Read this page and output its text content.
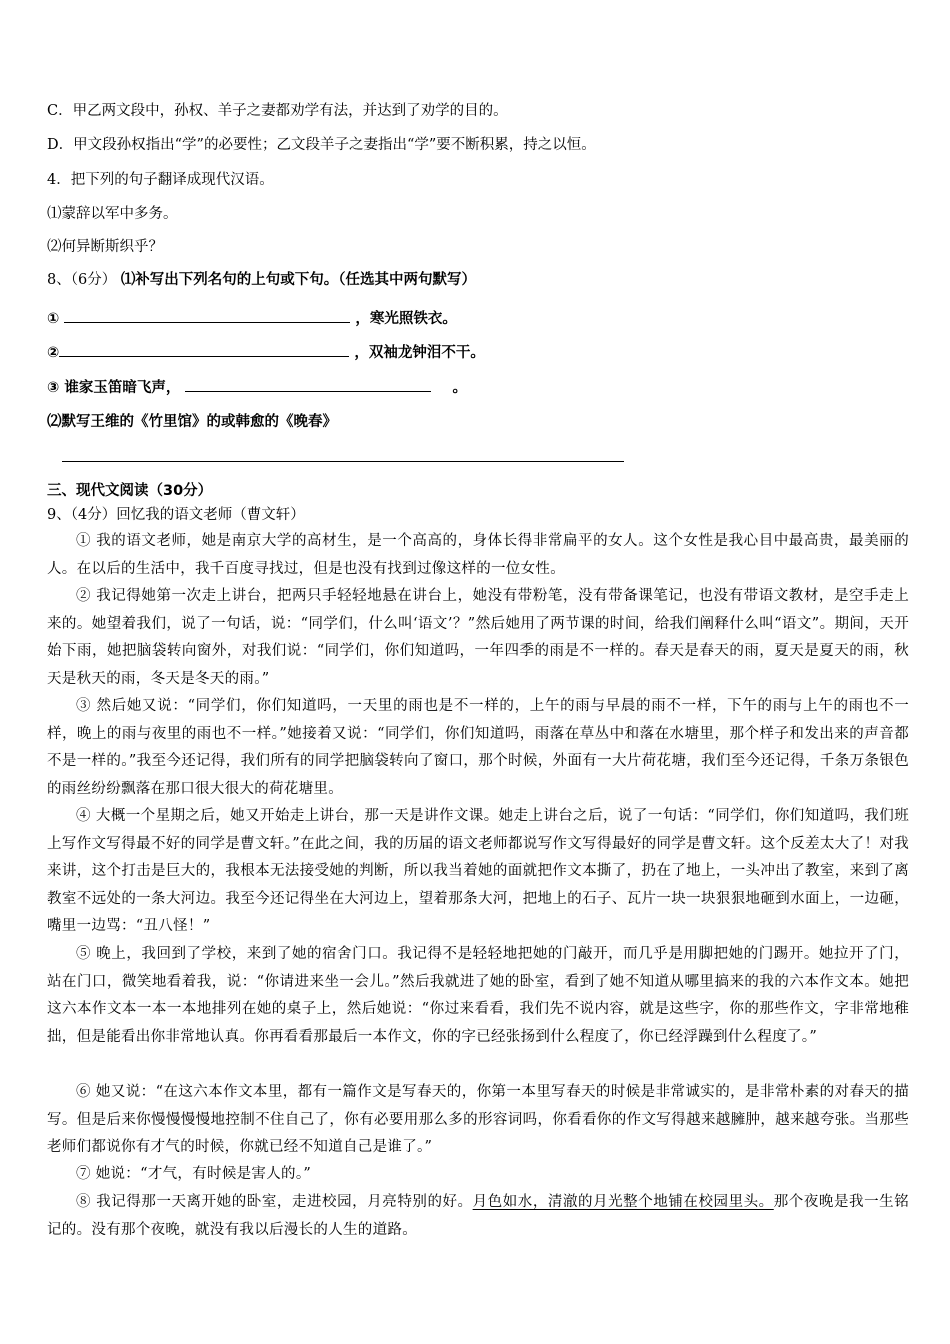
C．甲乙两文段中，孙权、羊子之妻都劝学有法，并达到了劝学的目的。
D．甲文段孙权指出“学”的必要性；乙文段羊子之妻指出“学”要不断积累，持之以恒。
4．把下列的句子翻译成现代汉语。
⑴蒙辞以军中多务。
⑵何异断斯织乎？
8、（6分） ⑴补写出下列名句的上句或下句。（任选其中两句默写）
①	，寒光照铁衣。
②	，双袖龙钟泪不干。
③ 谁家玉笛暗飞声，	。
⑵默写王维的《竹里馆》的或韩愈的《晚春》
三、现代文阅读（30分）
9、（4分）回忆我的语文老师（曹文轩）
① 我的语文老师，她是南京大学的高材生，是一个高高的，身体长得非常扁平的女人。这个女性是我心目中最高贵，最美丽的人。在以后的生活中，我千百度寻找过，但是也没有找到过像这样的一位女性。
② 我记得她第一次走上讲台，把两只手轻轻地悬在讲台上，她没有带粉笔，没有带备课笔记，也没有带语文教材，是空手走上来的。她望着我们，说了一句话，说：“同学们，什么叫‘语文’？”然后她用了两节课的时间，给我们阐释什么叫“语文”。期间，天开始下雨，她把脑袋转向窗外，对我们说：“同学们，你们知道吗，一年四季的雨是不一样的。春天是春天的雨，夏天是夏天的雨，秋天是秋天的雨，冬天是冬天的雨。”
③ 然后她又说：“同学们，你们知道吗，一天里的雨也是不一样的，上午的雨与早晨的雨不一样，下午的雨与上午的雨也不一样，晚上的雨与夜里的雨也不一样。”她接着又说：“同学们，你们知道吗，雨落在草丛中和落在水塘里，那个样子和发出来的声音都不是一样的。”我至今还记得，我们所有的同学把脑袋转向了窗口，那个时候，外面有一大片荷花塘，我们至今还记得，千条万条银色的雨丝纷纷飘落在那口很大很大的荷花塘里。
④ 大概一个星期之后，她又开始走上讲台，那一天是讲作文课。她走上讲台之后，说了一句话：“同学们，你们知道吗，我们班上写作文写得最不好的同学是曹文轩。”在此之间，我的历届的语文老师都说写作文写得最好的同学是曹文轩。这个反差太大了！对我来讲，这个打击是巨大的，我根本无法接受她的判断，所以我当着她的面就把作文本撕了，扔在了地上，一头冲出了教室，来到了离教室不远处的一条大河边。我至今还记得坐在大河边上，望着那条大河，把地上的石子、瓦片一块一块狠狠地砸到水面上，一边砸，嘴里一边骂：“丑八怪！”
⑤ 晚上，我回到了学校，来到了她的宿舍门口。我记得不是轻轻地把她的门敲开，而几乎是用脚把她的门踢开。她拉开了门，站在门口，微笑地看着我，说：“你请进来坐一会儿。”然后我就进了她的卧室，看到了她不知道从哪里搞来的我的六本作文本。她把这六本作文本一本一本地排列在她的桌子上，然后她说：“你过来看看，我们先不说内容，就是这些字，你的那些作文，字非常地稚拙，但是能看出你非常地认真。你再看看那最后一本作文，你的字已经张扬到什么程度了，你已经浮躁到什么程度了。”
⑥ 她又说：“在这六本作文本里，都有一篇作文是写春天的，你第一本里写春天的时候是非常诚实的，是非常朴素的对春天的描写。但是后来你慢慢慢慢地控制不住自己了，你有必要用那么多的形容词吗，你看看你的作文写得越来越臃肿，越来越夸张。当那些老师们都说你有才气的时候，你就已经不知道自己是谁了。”
⑦ 她说：“才气，有时候是害人的。”
⑧ 我记得那一天离开她的卧室，走进校园，月亮特别的好。月色如水，清澈的月光整个地铺在校园里头。那个夜晚是我一生铭记的。没有那个夜晚，就没有我以后漫长的人生的道路。
